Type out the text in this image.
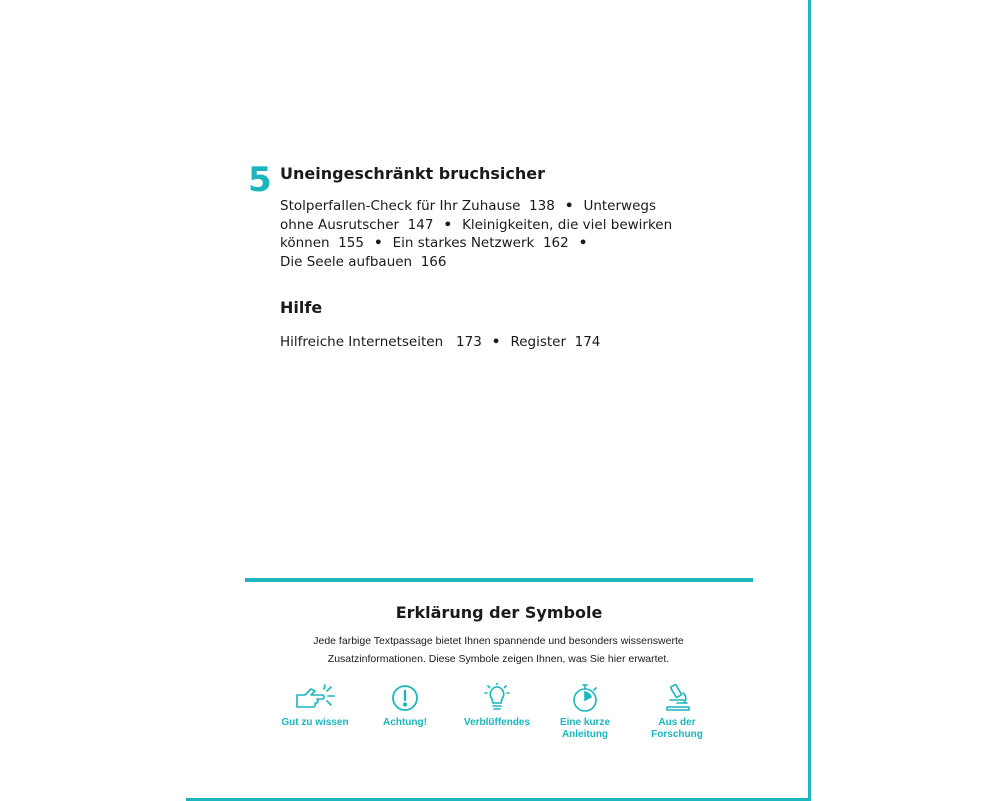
5 Uneingeschränkt bruchsicher
Stolperfallen-Check für Ihr Zuhause 138 • Unterwegs
ohne Ausrutscher 147 • Kleinigkeiten, die viel bewirken
können 155 • Ein starkes Netzwerk 162 •
Die Seele aufbauen 166
Hilfe
Hilfreiche Internetseiten 173 • Register 174
Erklärung der Symbole
Jede farbige Textpassage bietet Ihnen spannende und besonders wissenswerte
Zusatzinformationen. Diese Symbole zeigen Ihnen, was Sie hier erwartet.
Gut zu wissen	Achtung!	Verblüffendes	Eine kurze
Anleitung
Aus der
Forschung
